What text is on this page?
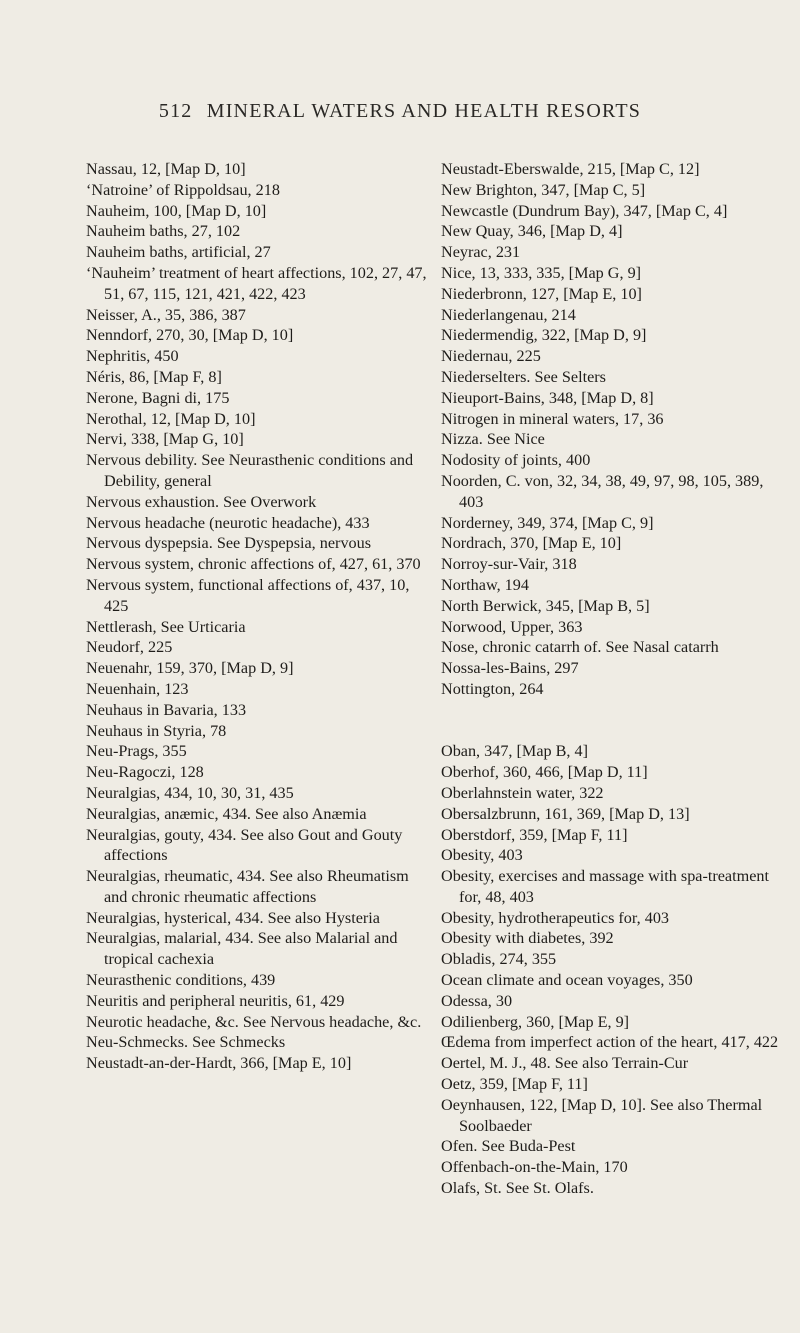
512 MINERAL WATERS AND HEALTH RESORTS
Nassau, 12, [Map D, 10]
‘Natroine’ of Rippoldsau, 218
Nauheim, 100, [Map D, 10]
Nauheim baths, 27, 102
Nauheim baths, artificial, 27
‘Nauheim’ treatment of heart affections, 102, 27, 47, 51, 67, 115, 121, 421, 422, 423
Neisser, A., 35, 386, 387
Nenndorf, 270, 30, [Map D, 10]
Nephritis, 450
Néris, 86, [Map F, 8]
Nerone, Bagni di, 175
Nerothal, 12, [Map D, 10]
Nervi, 338, [Map G, 10]
Nervous debility. See Neurasthenic conditions and Debility, general
Nervous exhaustion. See Overwork
Nervous headache (neurotic headache), 433
Nervous dyspepsia. See Dyspepsia, nervous
Nervous system, chronic affections of, 427, 61, 370
Nervous system, functional affections of, 437, 10, 425
Nettlerash, See Urticaria
Neudorf, 225
Neuenahr, 159, 370, [Map D, 9]
Neuenhain, 123
Neuhaus in Bavaria, 133
Neuhaus in Styria, 78
Neu-Prags, 355
Neu-Ragoczi, 128
Neuralgias, 434, 10, 30, 31, 435
Neuralgias, anæmic, 434. See also Anæmia
Neuralgias, gouty, 434. See also Gout and Gouty affections
Neuralgias, rheumatic, 434. See also Rheumatism and chronic rheumatic affections
Neuralgias, hysterical, 434. See also Hysteria
Neuralgias, malarial, 434. See also Malarial and tropical cachexia
Neurasthenic conditions, 439
Neuritis and peripheral neuritis, 61, 429
Neurotic headache, &c. See Nervous headache, &c.
Neu-Schmecks. See Schmecks
Neustadt-an-der-Hardt, 366, [Map E, 10]
Neustadt-Eberswalde, 215, [Map C, 12]
New Brighton, 347, [Map C, 5]
Newcastle (Dundrum Bay), 347, [Map C, 4]
New Quay, 346, [Map D, 4]
Neyrac, 231
Nice, 13, 333, 335, [Map G, 9]
Niederbronn, 127, [Map E, 10]
Niederlangenau, 214
Niedermendig, 322, [Map D, 9]
Niedernau, 225
Niederselters. See Selters
Nieuport-Bains, 348, [Map D, 8]
Nitrogen in mineral waters, 17, 36
Nizza. See Nice
Nodosity of joints, 400
Noorden, C. von, 32, 34, 38, 49, 97, 98, 105, 389, 403
Norderney, 349, 374, [Map C, 9]
Nordrach, 370, [Map E, 10]
Norroy-sur-Vair, 318
Northaw, 194
North Berwick, 345, [Map B, 5]
Norwood, Upper, 363
Nose, chronic catarrh of. See Nasal catarrh
Nossa-les-Bains, 297
Nottington, 264
Oban, 347, [Map B, 4]
Oberhof, 360, 466, [Map D, 11]
Oberlahnstein water, 322
Obersalzbrunn, 161, 369, [Map D, 13]
Oberstdorf, 359, [Map F, 11]
Obesity, 403
Obesity, exercises and massage with spa-treatment for, 48, 403
Obesity, hydrotherapeutics for, 403
Obesity with diabetes, 392
Obladis, 274, 355
Ocean climate and ocean voyages, 350
Odessa, 30
Odilienberg, 360, [Map E, 9]
Œdema from imperfect action of the heart, 417, 422
Oertel, M. J., 48. See also Terrain-Cur
Oetz, 359, [Map F, 11]
Oeynhausen, 122, [Map D, 10]. See also Thermal Soolbaeder
Ofen. See Buda-Pest
Offenbach-on-the-Main, 170
Olafs, St. See St. Olafs.
